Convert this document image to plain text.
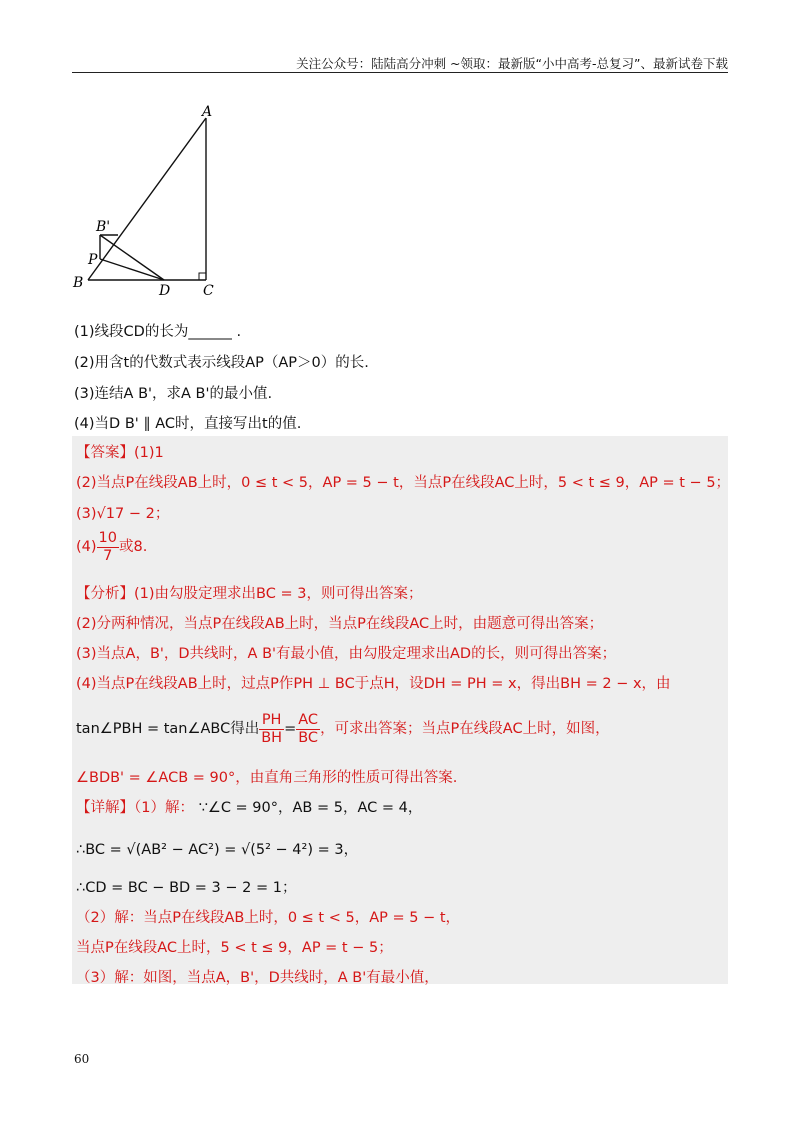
关注公众号：陆陆高分冲刺 ~领取：最新版“小中高考-总复习”、最新试卷下载
A
B'
P
B	D C
(1)线段CD的长为______ .
(2)用含t的代数式表示线段AP（AP＞0）的长.
(3)连结A B'，求A B'的最小值.
(4)当D B' ∥ AC时，直接写出t的值.
【答案】(1)1
(2)当点P在线段AB上时，0 ≤ t < 5，AP = 5 − t，当点P在线段AC上时，5 < t ≤ 9，AP = t − 5；
(3)√17 − 2；
$(4) \frac{10}{7}$ 或8.
【分析】(1)由勾股定理求出BC = 3，则可得出答案；
(2)分两种情况，当点P在线段AB上时，当点P在线段AC上时，由题意可得出答案；
(3)当点A，B'，D共线时，A B'有最小值，由勾股定理求出AD的长，则可得出答案；
(4)当点P在线段AB上时，过点P作PH ⊥ BC于点H，设DH = PH = x，得出BH = 2 − x，由
tan∠PBH = tan∠ABC得出 $\frac{PH}{BH} = \frac{AC}{BC}$ ，可求出答案；当点P在线段AC上时，如图，
∠BDB' = ∠ACB = 90°，由直角三角形的性质可得出答案.
【详解】（1）解： ∵∠C = 90°，AB = 5，AC = 4，
∴BC = √(AB² − AC²) = √(5² − 4²) = 3，
∴CD = BC − BD = 3 − 2 = 1；
（2）解：当点P在线段AB上时，0 ≤ t < 5，AP = 5 − t，
当点P在线段AC上时，5 < t ≤ 9，AP = t − 5；
（3）解：如图，当点A，B'，D共线时，A B'有最小值，
60
